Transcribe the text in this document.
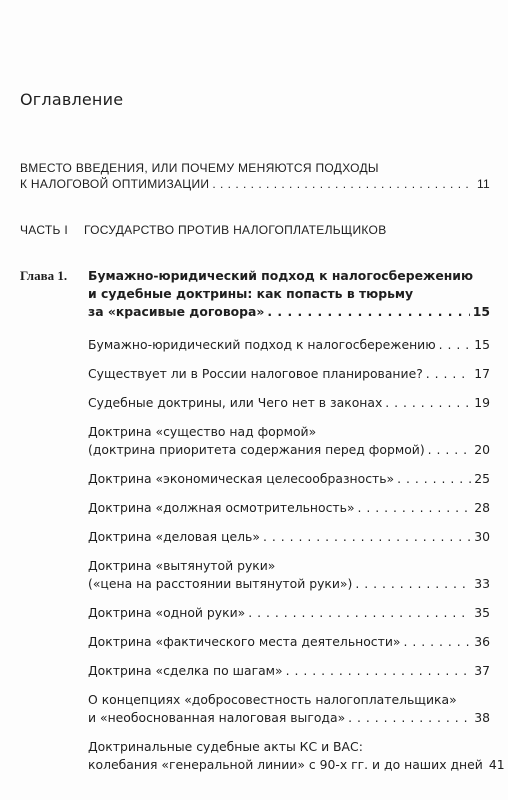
Оглавление
ВМЕСТО ВВЕДЕНИЯ, ИЛИ ПОЧЕМУ МЕНЯЮТСЯ ПОДХОДЫ
К НАЛОГОВОЙ ОПТИМИЗАЦИИ . . .	11
ЧАСТЬ I ГОСУДАРСТВО ПРОТИВ НАЛОГОПЛАТЕЛЬЩИКОВ
Глава 1. Бумажно-юридический подход к налогосбережению
и судебные доктрины: как попасть в тюрьму
за «красивые договора» . . .	15
Бумажно-юридический подход к налогосбережению . . .	15
Существует ли в России налоговое планирование? . . .	17
Судебные доктрины, или Чего нет в законах . . .	19
Доктрина «существо над формой»
(доктрина приоритета содержания перед формой) . . .	20
Доктрина «экономическая целесообразность» . . .	25
Доктрина «должная осмотрительность» . . .	28
Доктрина «деловая цель» . . .	30
Доктрина «вытянутой руки»
(«цена на расстоянии вытянутой руки») . . .	33
Доктрина «одной руки» . . .	35
Доктрина «фактического места деятельности» . . .	36
Доктрина «сделка по шагам» . . .	37
О концепциях «добросовестность налогоплательщика»
и «необоснованная налоговая выгода» . . .	38
Доктринальные судебные акты КС и ВАС:
колебания «генеральной линии» с 90-х гг. и до наших дней 41
